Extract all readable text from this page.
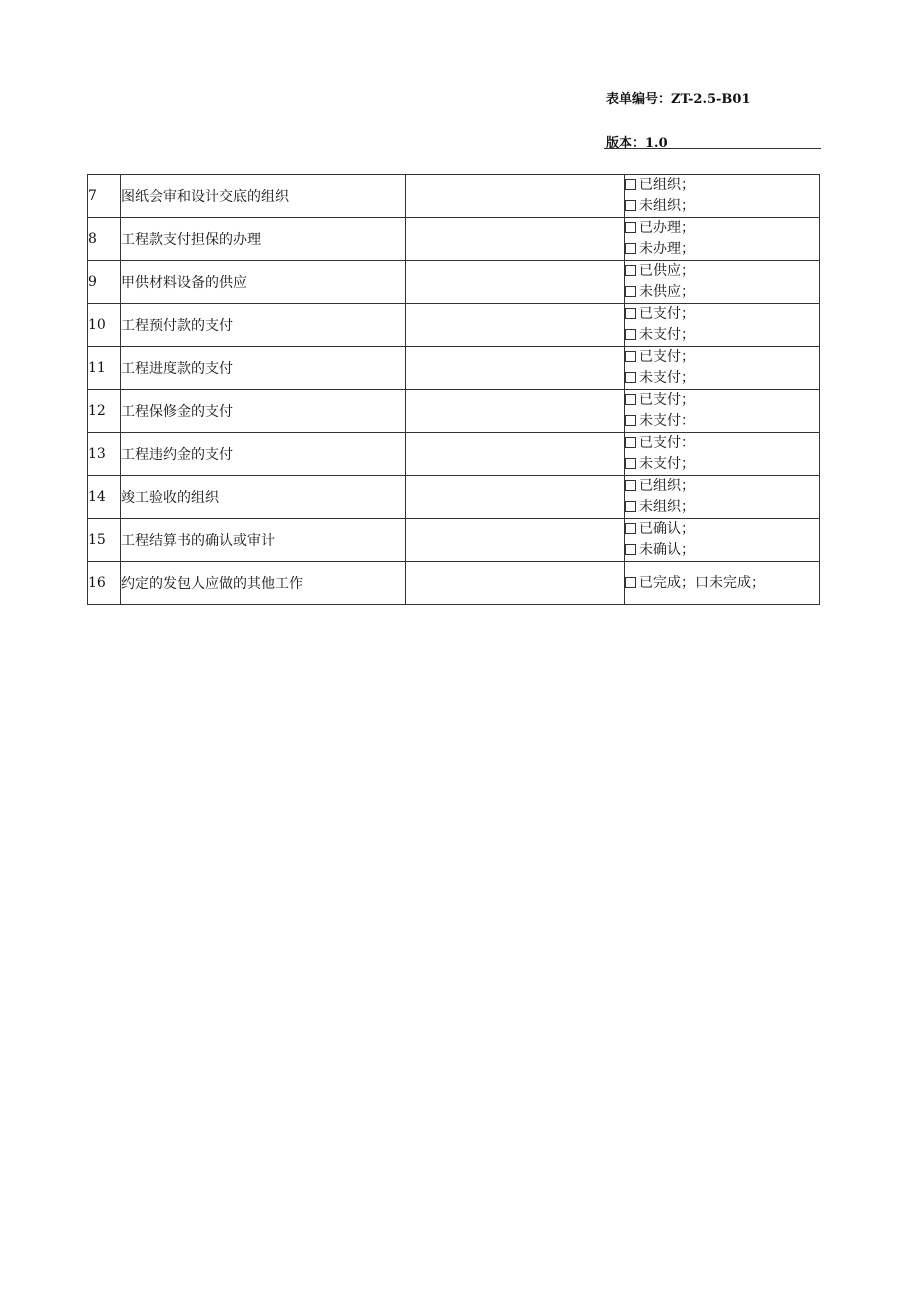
表单编号：ZT-2.5-B01
版本：1.0
7	图纸会审和设计交底的组织		已组织；
未组织；

8	工程款支付担保的办理		已办理；
未办理；

9	甲供材料设备的供应		已供应；
未供应；

10	工程预付款的支付		已支付；
未支付；

11	工程进度款的支付		已支付；
未支付；

12	工程保修金的支付		已支付；
未支付：

13	工程违约金的支付		已支付：
未支付；

14	竣工验收的组织		已组织；
未组织；

15	工程结算书的确认或审计		已确认；
未确认；

16	约定的发包人应做的其他工作		已完成；口未完成；
